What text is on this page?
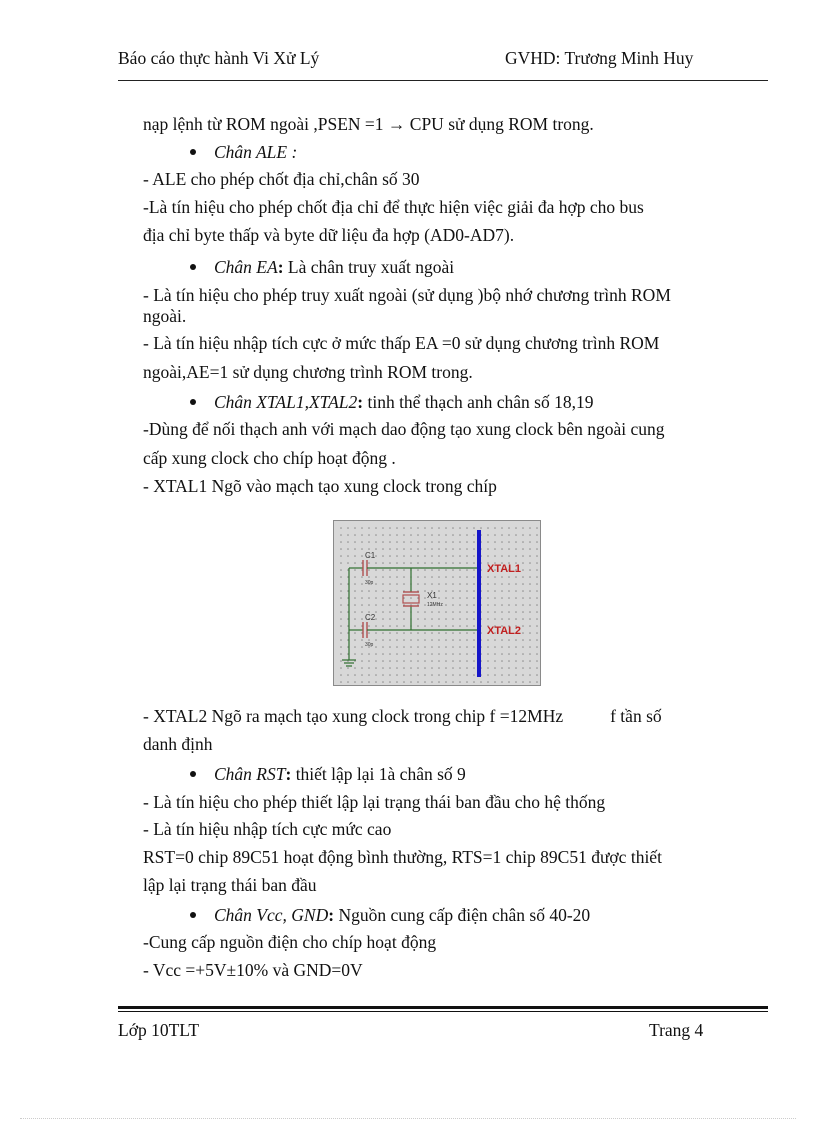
Báo cáo thực hành Vi Xử Lý	GVHD: Trương Minh Huy
nạp lệnh từ ROM ngoài ,PSEN =1 → CPU sử dụng ROM trong.
Chân ALE :
- ALE cho phép chốt địa chỉ,chân số 30
-Là tín hiệu cho phép chốt địa chỉ để thực hiện việc giải đa hợp cho bus
địa chỉ byte thấp và byte dữ liệu đa hợp (AD0-AD7).
Chân EA: Là chân truy xuất ngoài
- Là tín hiệu cho phép truy xuất ngoài (sử dụng )bộ nhớ chương trình ROM
ngoài.
- Là tín hiệu nhập tích cực ở mức thấp EA =0 sử dụng chương trình ROM
ngoài,AE=1 sử dụng chương trình ROM trong.
Chân XTAL1,XTAL2: tinh thể thạch anh chân số 18,19
-Dùng để nối thạch anh với mạch dao động tạo xung clock bên ngoài cung
cấp xung clock cho chíp hoạt động .
- XTAL1 Ngõ vào mạch tạo xung clock trong chíp
C1
30p
C2
30p
X1
12MHz
XTAL1
XTAL2
- XTAL2 Ngõ ra mạch tạo xung clock trong chip f =12MHz	f tần số
danh định
Chân RST: thiết lập lại 1à chân số 9
- Là tín hiệu cho phép thiết lập lại trạng thái ban đầu cho hệ thống
- Là tín hiệu nhập tích cực mức cao
RST=0 chip 89C51 hoạt động bình thường, RTS=1 chip 89C51 được thiết
lập lại trạng thái ban đầu
Chân Vcc, GND: Nguồn cung cấp điện chân số 40-20
-Cung cấp nguồn điện cho chíp hoạt động
- Vcc =+5V±10% và GND=0V
Lớp 10TLT	Trang 4
